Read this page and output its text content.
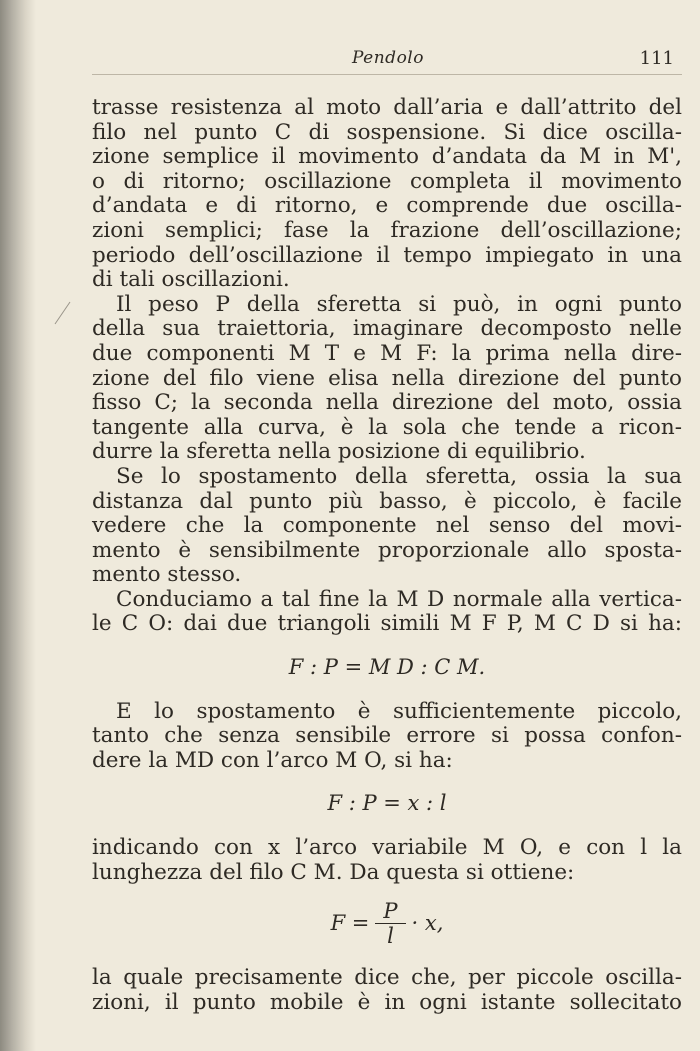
Pendolo	111

trasse resistenza al moto dall’aria e dall’attrito del
filo nel punto C di sospensione. Si dice oscilla-
zione semplice il movimento d’andata da M in M',
o di ritorno; oscillazione completa il movimento
d’andata e di ritorno, e comprende due oscilla-
zioni semplici; fase la frazione dell’oscillazione;
periodo dell’oscillazione il tempo impiegato in una
di tali oscillazioni.

Il peso P della sferetta si può, in ogni punto
della sua traiettoria, imaginare decomposto nelle
due componenti M T e M F: la prima nella dire-
zione del filo viene elisa nella direzione del punto
fisso C; la seconda nella direzione del moto, ossia
tangente alla curva, è la sola che tende a ricon-
durre la sferetta nella posizione di equilibrio.

Se lo spostamento della sferetta, ossia la sua
distanza dal punto più basso, è piccolo, è facile
vedere che la componente nel senso del movi-
mento è sensibilmente proporzionale allo sposta-
mento stesso.

Conduciamo a tal fine la M D normale alla vertica-
le C O: dai due triangoli simili M F P, M C D si ha:

F : P = M D : C M.

E lo spostamento è sufficientemente piccolo,
tanto che senza sensibile errore si possa confon-
dere la MD con l’arco M O, si ha:

F : P = x : l

indicando con x l’arco variabile M O, e con l la
lunghezza del filo C M. Da questa si ottiene:

$F = \frac{P}{l} \cdot x$,

la quale precisamente dice che, per piccole oscilla-
zioni, il punto mobile è in ogni istante sollecitato
